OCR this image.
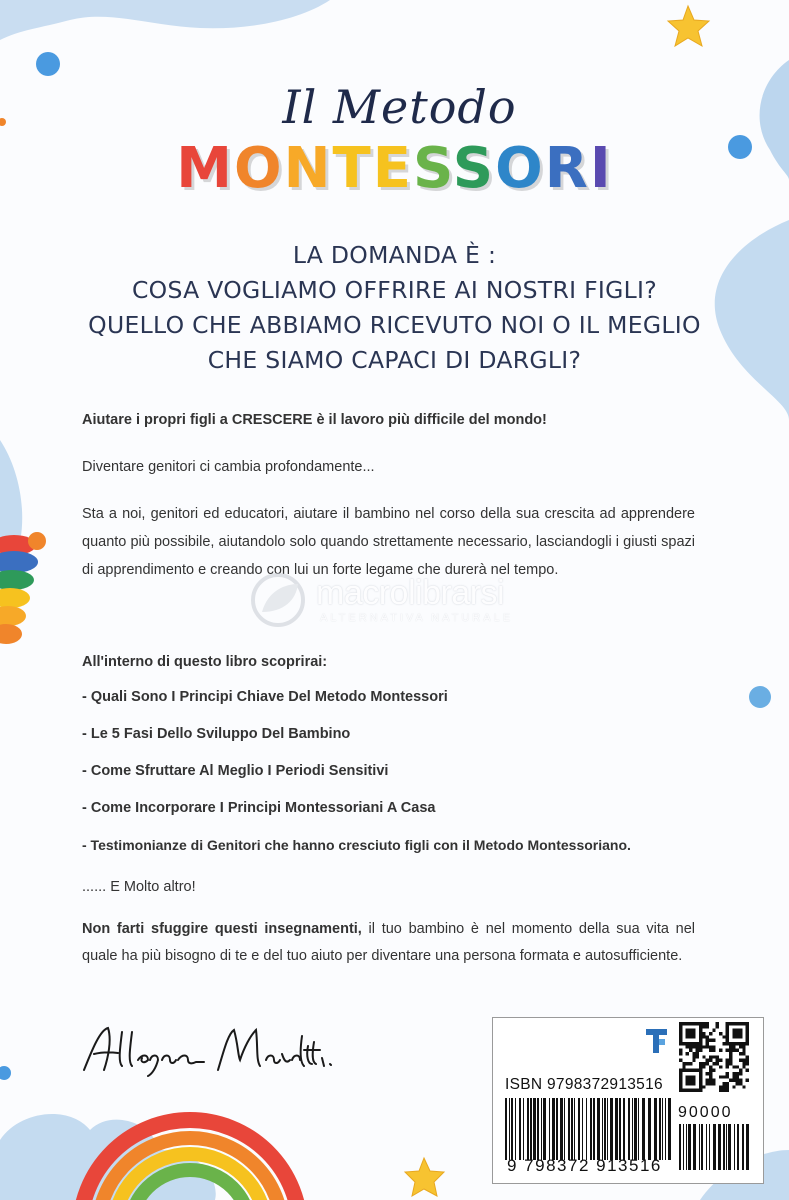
Il Metodo
MONTESSORI
LA DOMANDA È :
COSA VOGLIAMO OFFRIRE AI NOSTRI FIGLI?
QUELLO CHE ABBIAMO RICEVUTO NOI O IL MEGLIO
CHE SIAMO CAPACI DI DARGLI?

Aiutare i propri figli a CRESCERE è il lavoro più difficile del mondo!

Diventare genitori ci cambia profondamente...

Sta a noi, genitori ed educatori, aiutare il bambino nel corso della sua crescita ad apprendere quanto più possibile, aiutandolo solo quando strettamente necessario, lasciandogli i giusti spazi di apprendimento e creando con lui un forte legame che durerà nel tempo.

All'interno di questo libro scoprirai:

- Quali Sono I Principi Chiave Del Metodo Montessori

- Le 5 Fasi Dello Sviluppo Del Bambino

- Come Sfruttare Al Meglio I Periodi Sensitivi

- Come Incorporare I Principi Montessoriani A Casa

- Testimonianze di Genitori che hanno cresciuto figli con il Metodo Montessoriano.

...... E Molto altro!

Non farti sfuggire questi insegnamenti, il tuo bambino è nel momento della sua vita nel quale ha più bisogno di te e del tuo aiuto per diventare una persona formata e autosufficiente.

macrolibrarsi
ALTERNATIVA NATURALE
ISBN 9798372913516
90000
9 798372 913516
